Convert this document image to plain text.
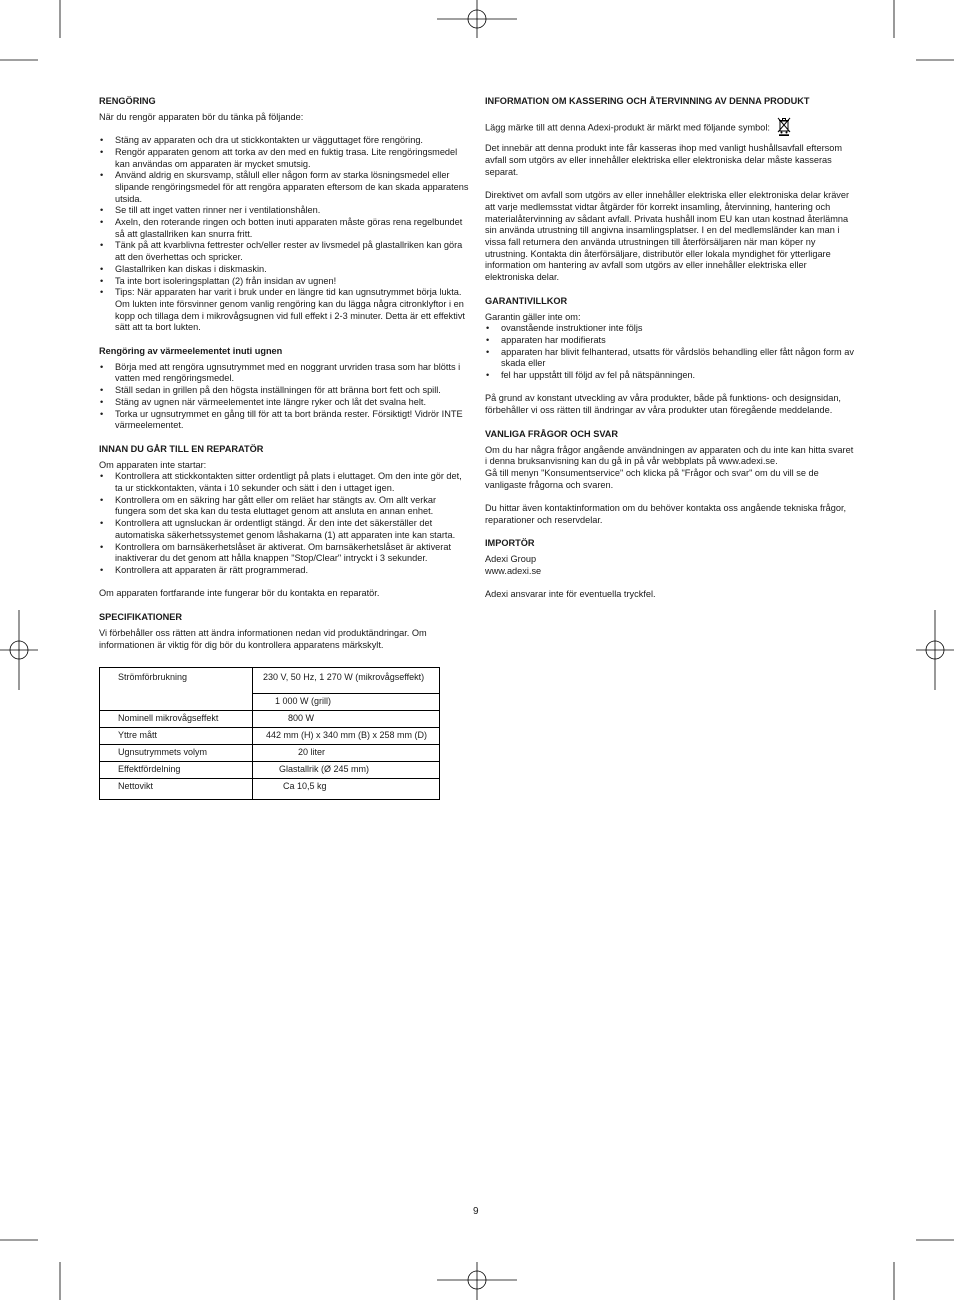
RENGÖRING

När du rengör apparaten bör du tänka på följande:

• Stäng av apparaten och dra ut stickkontakten ur vägguttaget före rengöring.
• Rengör apparaten genom att torka av den med en fuktig trasa. Lite rengöringsmedel kan användas om apparaten är mycket smutsig.
• Använd aldrig en skursvamp, stålull eller någon form av starka lösningsmedel eller slipande rengöringsmedel för att rengöra apparaten eftersom de kan skada apparatens utsida.
• Se till att inget vatten rinner ner i ventilationshålen.
• Axeln, den roterande ringen och botten inuti apparaten måste göras rena regelbundet så att glastallriken kan snurra fritt.
• Tänk på att kvarblivna fettrester och/eller rester av livsmedel på glastallriken kan göra att den överhettas och spricker.
• Glastallriken kan diskas i diskmaskin.
• Ta inte bort isoleringsplattan (2) från insidan av ugnen!
• Tips: När apparaten har varit i bruk under en längre tid kan ugnsutrymmet börja lukta. Om lukten inte försvinner genom vanlig rengöring kan du lägga några citronklyftor i en kopp och tillaga dem i mikrovågsugnen vid full effekt i 2-3 minuter. Detta är ett effektivt sätt att ta bort lukten.
Rengöring av värmeelementet inuti ugnen
• Börja med att rengöra ugnsutrymmet med en noggrant urvriden trasa som har blötts i vatten med rengöringsmedel.
• Ställ sedan in grillen på den högsta inställningen för att bränna bort fett och spill.
• Stäng av ugnen när värmeelementet inte längre ryker och låt det svalna helt.
• Torka ur ugnsutrymmet en gång till för att ta bort brända rester. Försiktigt! Vidrör INTE värmeelementet.
INNAN DU GÅR TILL EN REPARATÖR

Om apparaten inte startar:

• Kontrollera att stickkontakten sitter ordentligt på plats i eluttaget. Om den inte gör det, ta ur stickkontakten, vänta i 10 sekunder och sätt i den i uttaget igen.
• Kontrollera om en säkring har gått eller om reläet har stängts av. Om allt verkar fungera som det ska kan du testa eluttaget genom att ansluta en annan enhet.
• Kontrollera att ugnsluckan är ordentligt stängd. Är den inte det säkerställer det automatiska säkerhetssystemet genom låshakarna (1) att apparaten inte kan starta.
• Kontrollera om barnsäkerhetslåset är aktiverat. Om barnsäkerhetslåset är aktiverat inaktiverar du det genom att hålla knappen "Stop/Clear" intryckt i 3 sekunder.
• Kontrollera att apparaten är rätt programmerad.

Om apparaten fortfarande inte fungerar bör du kontakta en reparatör.

SPECIFIKATIONER

Vi förbehåller oss rätten att ändra informationen nedan vid produktändringar. Om informationen är viktig för dig bör du kontrollera apparatens märkskylt.

Strömförbrukning	230 V, 50 Hz, 1 270 W (mikrovågseffekt)
	1 000 W (grill)
Nominell mikrovågseffekt	800 W
Yttre mått	442 mm (H) x 340 mm (B) x 258 mm (D)
Ugnsutrymmets volym	20 liter
Effektfördelning	Glastallrik (Ø 245 mm)
Nettovikt	Ca 10,5 kg
INFORMATION OM KASSERING OCH ÅTERVINNING AV DENNA PRODUKT

Lägg märke till att denna Adexi-produkt är märkt med följande symbol:

Det innebär att denna produkt inte får kasseras ihop med vanligt hushållsavfall eftersom avfall som utgörs av eller innehåller elektriska eller elektroniska delar måste kasseras separat.

Direktivet om avfall som utgörs av eller innehåller elektriska eller elektroniska delar kräver att varje medlemsstat vidtar åtgärder för korrekt insamling, återvinning, hantering och materialåtervinning av sådant avfall. Privata hushåll inom EU kan utan kostnad återlämna sin använda utrustning till angivna insamlingsplatser. I en del medlemsländer kan man i vissa fall returnera den använda utrustningen till återförsäljaren när man köper ny utrustning. Kontakta din återförsäljare, distributör eller lokala myndighet för ytterligare information om hantering av avfall som utgörs av eller innehåller elektriska eller elektroniska delar.

GARANTIVILLKOR

Garantin gäller inte om:

• ovanstående instruktioner inte följs
• apparaten har modifierats
• apparaten har blivit felhanterad, utsatts för vårdslös behandling eller fått någon form av skada eller
• fel har uppstått till följd av fel på nätspänningen.

På grund av konstant utveckling av våra produkter, både på funktions- och designsidan, förbehåller vi oss rätten till ändringar av våra produkter utan föregående meddelande.

VANLIGA FRÅGOR OCH SVAR

Om du har några frågor angående användningen av apparaten och du inte kan hitta svaret i denna bruksanvisning kan du gå in på vår webbplats på www.adexi.se.

Gå till menyn "Konsumentservice" och klicka på "Frågor och svar" om du vill se de vanligaste frågorna och svaren.

Du hittar även kontaktinformation om du behöver kontakta oss angående tekniska frågor, reparationer och reservdelar.

IMPORTÖR

Adexi Group

www.adexi.se

Adexi ansvarar inte för eventuella tryckfel.

9
